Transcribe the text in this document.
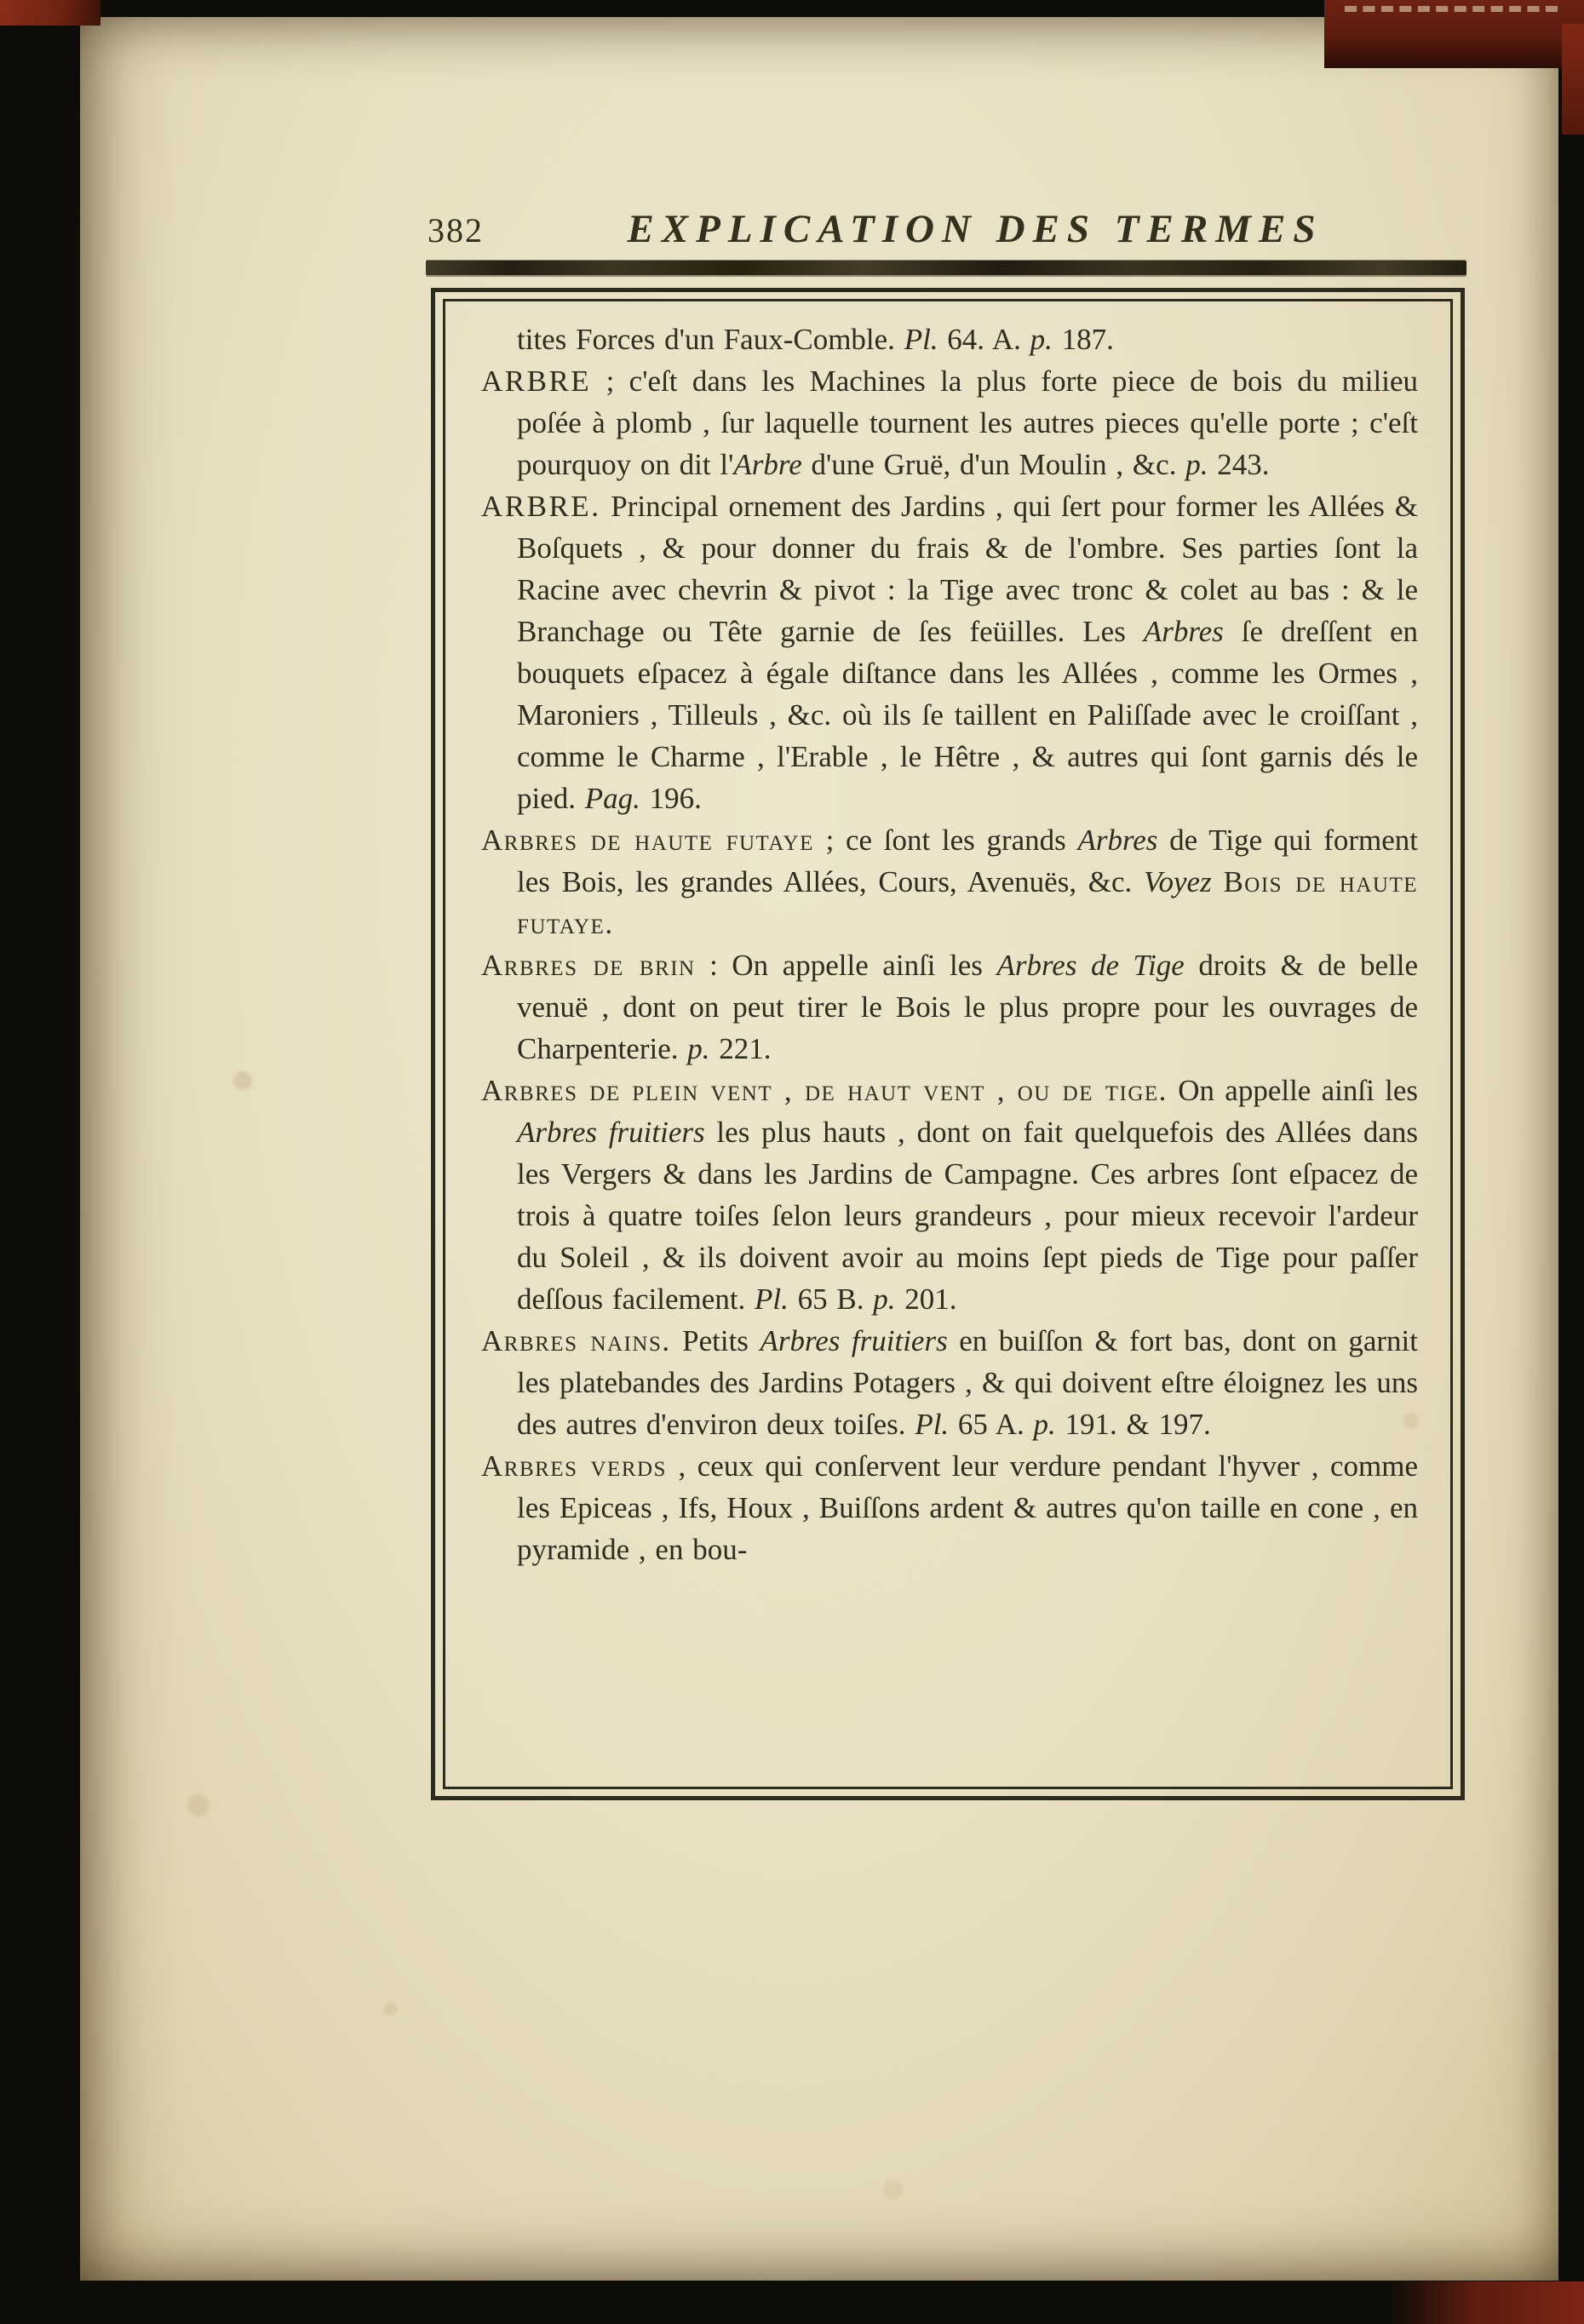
382	EXPLICATION DES TERMES

tites Forces d'un Faux-Comble. Pl. 64. A. p. 187.

ARBRE ; c'eſt dans les Machines la plus forte piece de bois du milieu poſée à plomb , ſur laquelle tournent les autres pieces qu'elle porte ; c'eſt pourquoy on dit l'Arbre d'une Gruë, d'un Moulin , &c. p. 243.

ARBRE. Principal ornement des Jardins , qui ſert pour former les Allées & Boſquets , & pour donner du frais & de l'ombre. Ses parties ſont la Racine avec chevrin & pivot : la Tige avec tronc & colet au bas : & le Branchage ou Tête garnie de ſes feüilles. Les Arbres ſe dreſſent en bouquets eſpacez à égale diſtance dans les Allées , comme les Ormes , Maroniers , Tilleuls , &c. où ils ſe taillent en Paliſſade avec le croiſſant , comme le Charme , l'Erable , le Hêtre , & autres qui ſont garnis dés le pied. Pag. 196.

Arbres de haute futaye ; ce ſont les grands Arbres de Tige qui forment les Bois, les grandes Allées, Cours, Avenuës, &c. Voyez Bois de haute futaye.

Arbres de brin : On appelle ainſi les Arbres de Tige droits & de belle venuë , dont on peut tirer le Bois le plus propre pour les ouvrages de Charpenterie. p. 221.

Arbres de plein vent , de haut vent , ou de tige. On appelle ainſi les Arbres fruitiers les plus hauts , dont on fait quelquefois des Allées dans les Vergers & dans les Jardins de Campagne. Ces arbres ſont eſpacez de trois à quatre toiſes ſelon leurs grandeurs , pour mieux recevoir l'ardeur du Soleil , & ils doivent avoir au moins ſept pieds de Tige pour paſſer deſſous facilement. Pl. 65 B. p. 201.

Arbres nains. Petits Arbres fruitiers en buiſſon & fort bas, dont on garnit les platebandes des Jardins Potagers , & qui doivent eſtre éloignez les uns des autres d'environ deux toiſes. Pl. 65 A. p. 191. & 197.

Arbres verds , ceux qui conſervent leur verdure pendant l'hyver , comme les Epiceas , Ifs, Houx , Buiſſons ardent & autres qu'on taille en cone , en pyramide , en bou-
